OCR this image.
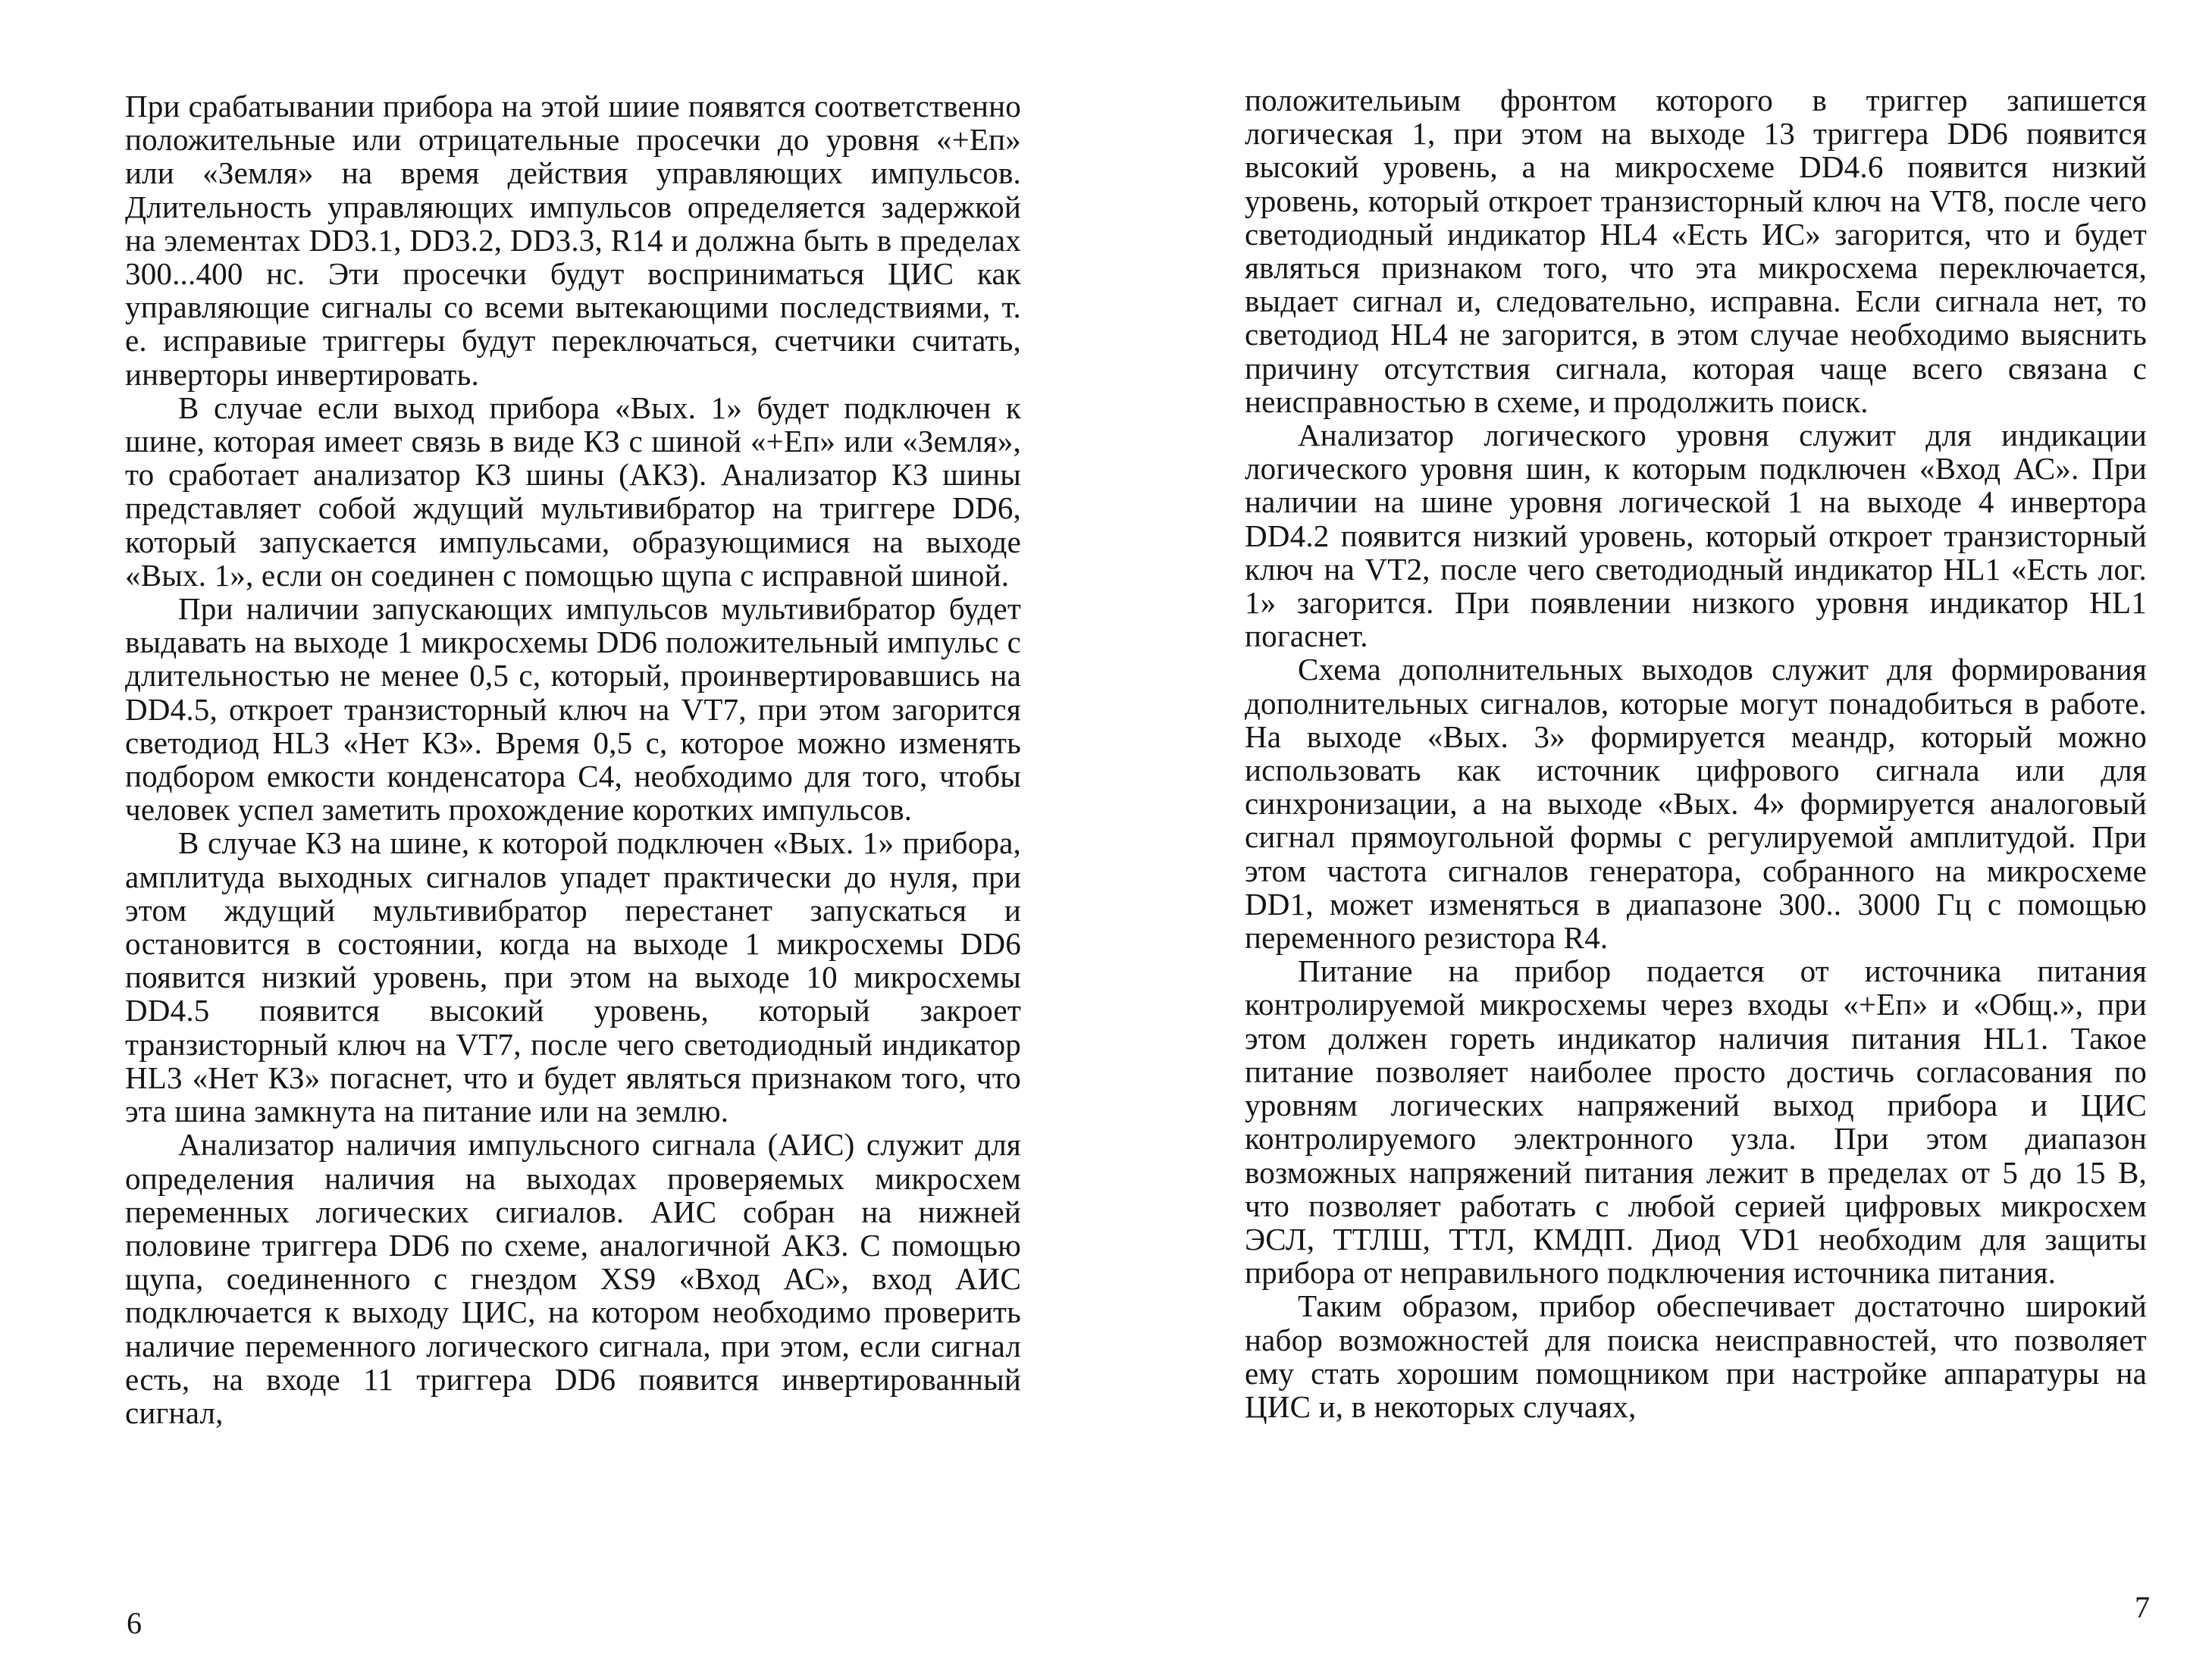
При срабатывании прибора на этой шиие появятся соответственно положительные или отрицательные просечки до уровня «+Eп» или «Земля» на время действия управляющих импульсов. Длительность управляющих импульсов определяется задержкой на элементах DD3.1, DD3.2, DD3.3, R14 и должна быть в пределах 300...400 нс. Эти просечки будут восприниматься ЦИС как управляющие сигналы со всеми вытекающими последствиями, т. е. исправиые триггеры будут переключаться, счетчики считать, инверторы инвертировать.

В случае если выход прибора «Вых. 1» будет подключен к шине, которая имеет связь в виде КЗ с шиной «+Eп» или «Земля», то сработает анализатор КЗ шины (АКЗ). Анализатор КЗ шины представляет собой ждущий мультивибратор на триггере DD6, который запускается импульсами, образующимися на выходе «Вых. 1», если он соединен с помощью щупа с исправной шиной.

При наличии запускающих импульсов мультивибратор будет выдавать на выходе 1 микросхемы DD6 положительный импульс с длительностью не менее 0,5 с, который, проинвертировавшись на DD4.5, откроет транзисторный ключ на VT7, при этом загорится светодиод HL3 «Нет КЗ». Время 0,5 с, которое можно изменять подбором емкости конденсатора С4, необходимо для того, чтобы человек успел заметить прохождение коротких импульсов.

В случае КЗ на шине, к которой подключен «Вых. 1» прибора, амплитуда выходных сигналов упадет практически до нуля, при этом ждущий мультивибратор перестанет запускаться и остановится в состоянии, когда на выходе 1 микросхемы DD6 появится низкий уровень, при этом на выходе 10 микросхемы DD4.5 появится высокий уровень, который закроет транзисторный ключ на VT7, после чего светодиодный индикатор HL3 «Нет КЗ» погаснет, что и будет являться признаком того, что эта шина замкнута на питание или на землю.

Анализатор наличия импульсного сигнала (АИС) служит для определения наличия на выходах проверяемых микросхем переменных логических сигиалов. АИС собран на нижней половине триггера DD6 по схеме, аналогичной АКЗ. С помощью щупа, соединенного с гнездом XS9 «Вход АС», вход АИС подключается к выходу ЦИС, на котором необходимо проверить наличие переменного логического сигнала, при этом, если сигнал есть, на входе 11 триггера DD6 появится инвертированный сигнал,

6

положительиым фронтом которого в триггер запишется логическая 1, при этом на выходе 13 триггера DD6 появится высокий уровень, а на микросхеме DD4.6 появится низкий уровень, который откроет транзисторный ключ на VT8, после чего светодиодный индикатор HL4 «Есть ИС» загорится, что и будет являться признаком того, что эта микросхема переключается, выдает сигнал и, следовательно, исправна. Если сигнала нет, то светодиод HL4 не загорится, в этом случае необходимо выяснить причину отсутствия сигнала, которая чаще всего связана с неисправностью в схеме, и продолжить поиск.

Анализатор логического уровня служит для индикации логического уровня шин, к которым подключен «Вход АС». При наличии на шине уровня логической 1 на выходе 4 инвертора DD4.2 появится низкий уровень, который откроет транзисторный ключ на VT2, после чего светодиодный индикатор HL1 «Есть лог. 1» загорится. При появлении низкого уровня индикатор HL1 погаснет.

Схема дополнительных выходов служит для формирования дополнительных сигналов, которые могут понадобиться в работе. На выходе «Вых. 3» формируется меандр, который можно использовать как источник цифрового сигнала или для синхронизации, а на выходе «Вых. 4» формируется аналоговый сигнал прямоугольной формы с регулируемой амплитудой. При этом частота сигналов генератора, собранного на микросхеме DD1, может изменяться в диапазоне 300.. 3000 Гц с помощью переменного резистора R4.

Питание на прибор подается от источника питания контролируемой микросхемы через входы «+Eп» и «Общ.», при этом должен гореть индикатор наличия питания HL1. Такое питание позволяет наиболее просто достичь согласования по уровням логических напряжений выход прибора и ЦИС контролируемого электронного узла. При этом диапазон возможных напряжений питания лежит в пределах от 5 до 15 В, что позволяет работать с любой серией цифровых микросхем ЭСЛ, ТТЛШ, ТТЛ, КМДП. Диод VD1 необходим для защиты прибора от неправильного подключения источника питания.

Таким образом, прибор обеспечивает достаточно широкий набор возможностей для поиска неисправностей, что позволяет ему стать хорошим помощником при настройке аппаратуры на ЦИС и, в некоторых случаях,

7
